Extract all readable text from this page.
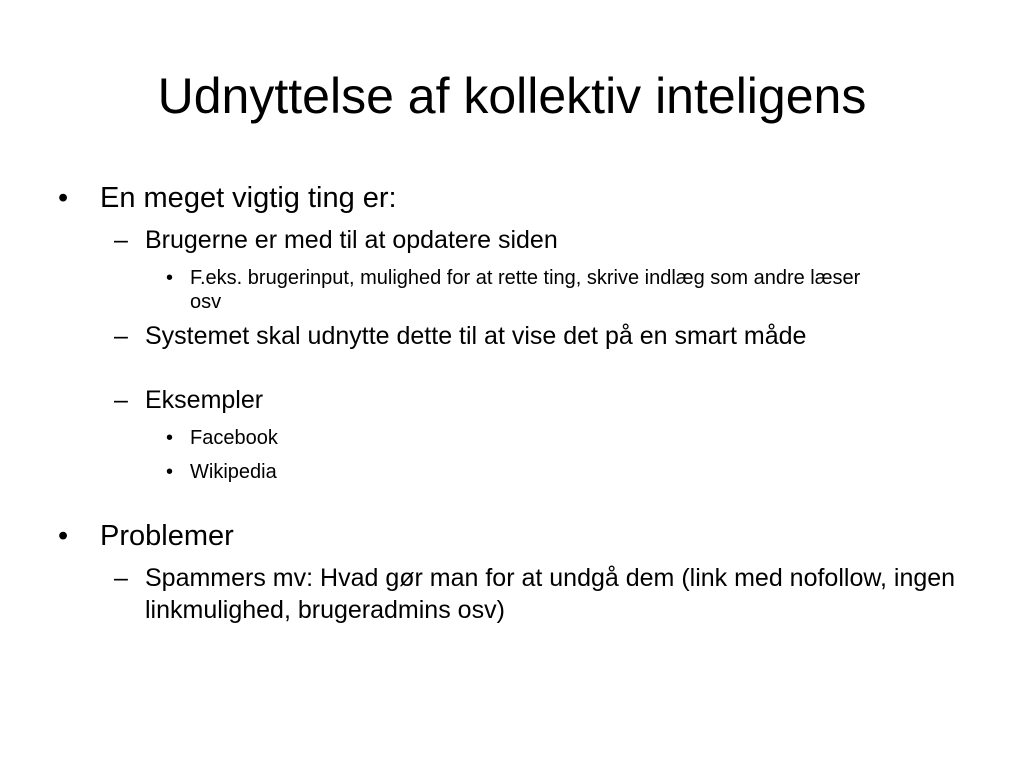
Udnyttelse af kollektiv inteligens
• En meget vigtig ting er:
– Brugerne er med til at opdatere siden
• F.eks. brugerinput, mulighed for at rette ting, skrive indlæg som andre læser osv
– Systemet skal udnytte dette til at vise det på en smart måde
– Eksempler
• Facebook
• Wikipedia
• Problemer
– Spammers mv: Hvad gør man for at undgå dem (link med nofollow, ingen linkmulighed, brugeradmins osv)
